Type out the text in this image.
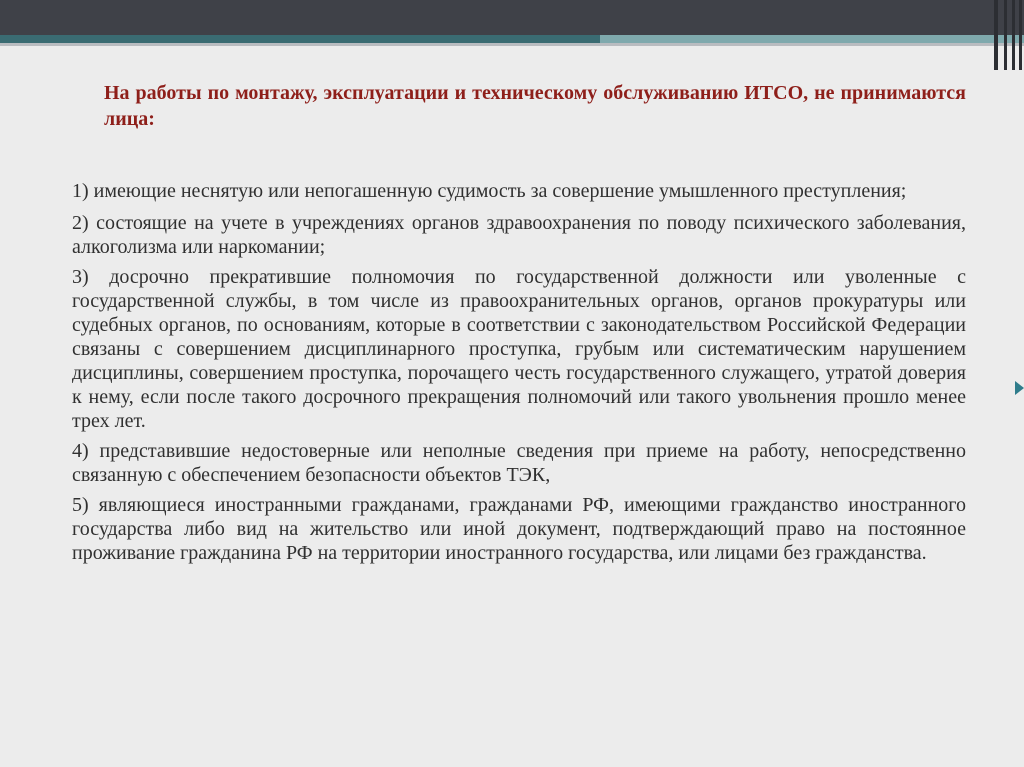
На работы по монтажу, эксплуатации и техническому обслуживанию ИТСО, не принимаются лица:

1) имеющие неснятую или непогашенную судимость за совершение умышленного преступления;

2) состоящие на учете в учреждениях органов здравоохранения по поводу психического заболевания, алкоголизма или наркомании;

3) досрочно прекратившие полномочия по государственной должности или уволенные с государственной службы, в том числе из правоохранительных органов, органов прокуратуры или судебных органов, по основаниям, которые в соответствии с законодательством Российской Федерации связаны с совершением дисциплинарного проступка, грубым или систематическим нарушением дисциплины, совершением проступка, порочащего честь государственного служащего, утратой доверия к нему, если после такого досрочного прекращения полномочий или такого увольнения прошло менее трех лет.

4) представившие недостоверные или неполные сведения при приеме на работу, непосредственно связанную с обеспечением безопасности объектов ТЭК,

5) являющиеся иностранными гражданами, гражданами РФ, имеющими гражданство иностранного государства либо вид на жительство или иной документ, подтверждающий право на постоянное проживание гражданина РФ на территории иностранного государства, или лицами без гражданства.
